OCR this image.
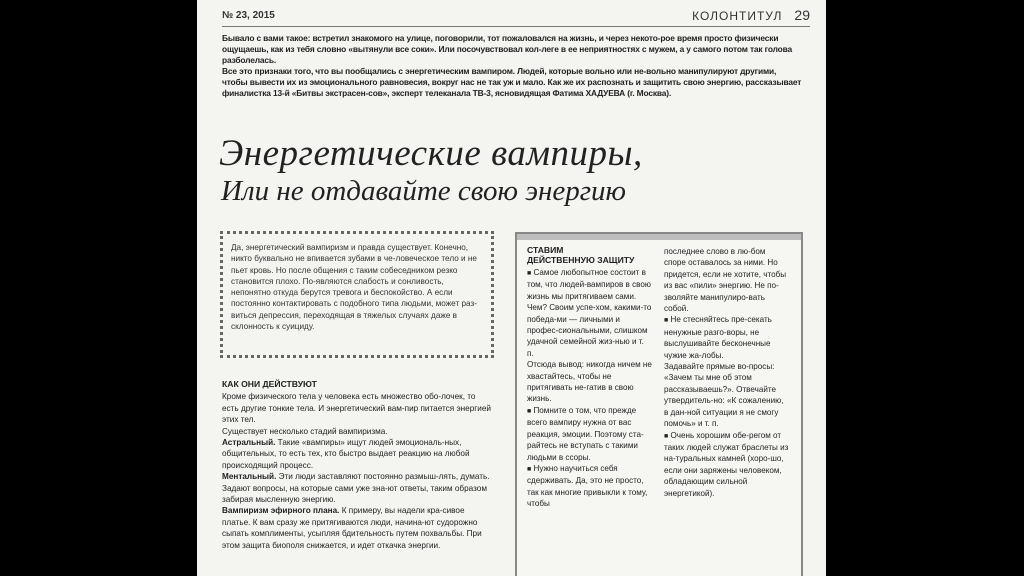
№ 23, 2015	КОЛОНТИТУЛ 29

Бывало с вами такое: встретил знакомого на улице, поговорили, тот пожаловался на жизнь, и через некото-рое время просто физически ощущаешь, как из тебя словно «вытянули все соки». Или посочувствовал кол-леге в ее неприятностях с мужем, а у самого потом так голова разболелась.

Все это признаки того, что вы пообщались с энергетическим вампиром. Людей, которые вольно или не-вольно манипулируют другими, чтобы вывести их из эмоционального равновесия, вокруг нас не так уж и мало. Как же их распознать и защитить свою энергию, рассказывает финалистка 13-й «Битвы экстрасен-сов», эксперт телеканала ТВ-3, ясновидящая Фатима ХАДУЕВА (г. Москва).

Энергетические вампиры,
Или не отдавайте свою энергию

Да, энергетический вампиризм и правда существует. Конечно, никто буквально не впивается зубами в че-ловеческое тело и не пьет кровь. Но после общения с таким собеседником резко становится плохо. По-являются слабость и сонливость, непонятно откуда берутся тревога и беспокойство. А если постоянно контактировать с подобного типа людьми, может раз-виться депрессия, переходящая в тяжелых случаях даже в склонность к суициду.

КАК ОНИ ДЕЙСТВУЮТ

Кроме физического тела у человека есть множество обо-лочек, то есть другие тонкие тела. И энергетический вам-пир питается энергией этих тел.

Существует несколько стадий вампиризма.

Астральный. Такие «вампиры» ищут людей эмоциональ-ных, общительных, то есть тех, кто быстро выдает реакцию на любой происходящий процесс.

Ментальный. Эти люди заставляют постоянно размыш-лять, думать. Задают вопросы, на которые сами уже зна-ют ответы, таким образом забирая мысленную энергию.

Вампиризм эфирного плана. К примеру, вы надели кра-сивое платье. К вам сразу же притягиваются люди, начина-ют судорожно сыпать комплименты, усыпляя бдительность путем похвальбы. При этом защита биополя снижается, и идет откачка энергии.

СТАВИМ
ДЕЙСТВЕННУЮ ЗАЩИТУ

■ Самое любопытное состоит в том, что людей-вампиров в свою жизнь мы притягиваем сами. Чем? Своим успе-хом, какими-то победа-ми — личными и профес-сиональными, слишком удачной семейной жиз-нью и т. п.

Отсюда вывод: никогда ничем не хвастайтесь, чтобы не притягивать не-гатив в свою жизнь.

■ Помните о том, что прежде всего вампиру нужна от вас реакция, эмоции. Поэтому ста-райтесь не вступать с такими людьми в ссоры.

■ Нужно научиться себя сдерживать. Да, это не просто, так как многие привыкли к тому, чтобы

последнее слово в лю-бом споре оставалось за ними. Но придется, если не хотите, чтобы из вас «пили» энергию. Не по-зволяйте манипулиро-вать собой.

■ Не стесняйтесь пре-секать ненужные разго-воры, не выслушивайте бесконечные чужие жа-лобы.

Задавайте прямые во-просы: «Зачем ты мне об этом рассказываешь?». Отвечайте утвердитель-но: «К сожалению, в дан-ной ситуации я не смогу помочь» и т. п.

■ Очень хорошим обе-регом от таких людей служат браслеты из на-туральных камней (хоро-шо, если они заряжены человеком, обладающим сильной энергетикой).
